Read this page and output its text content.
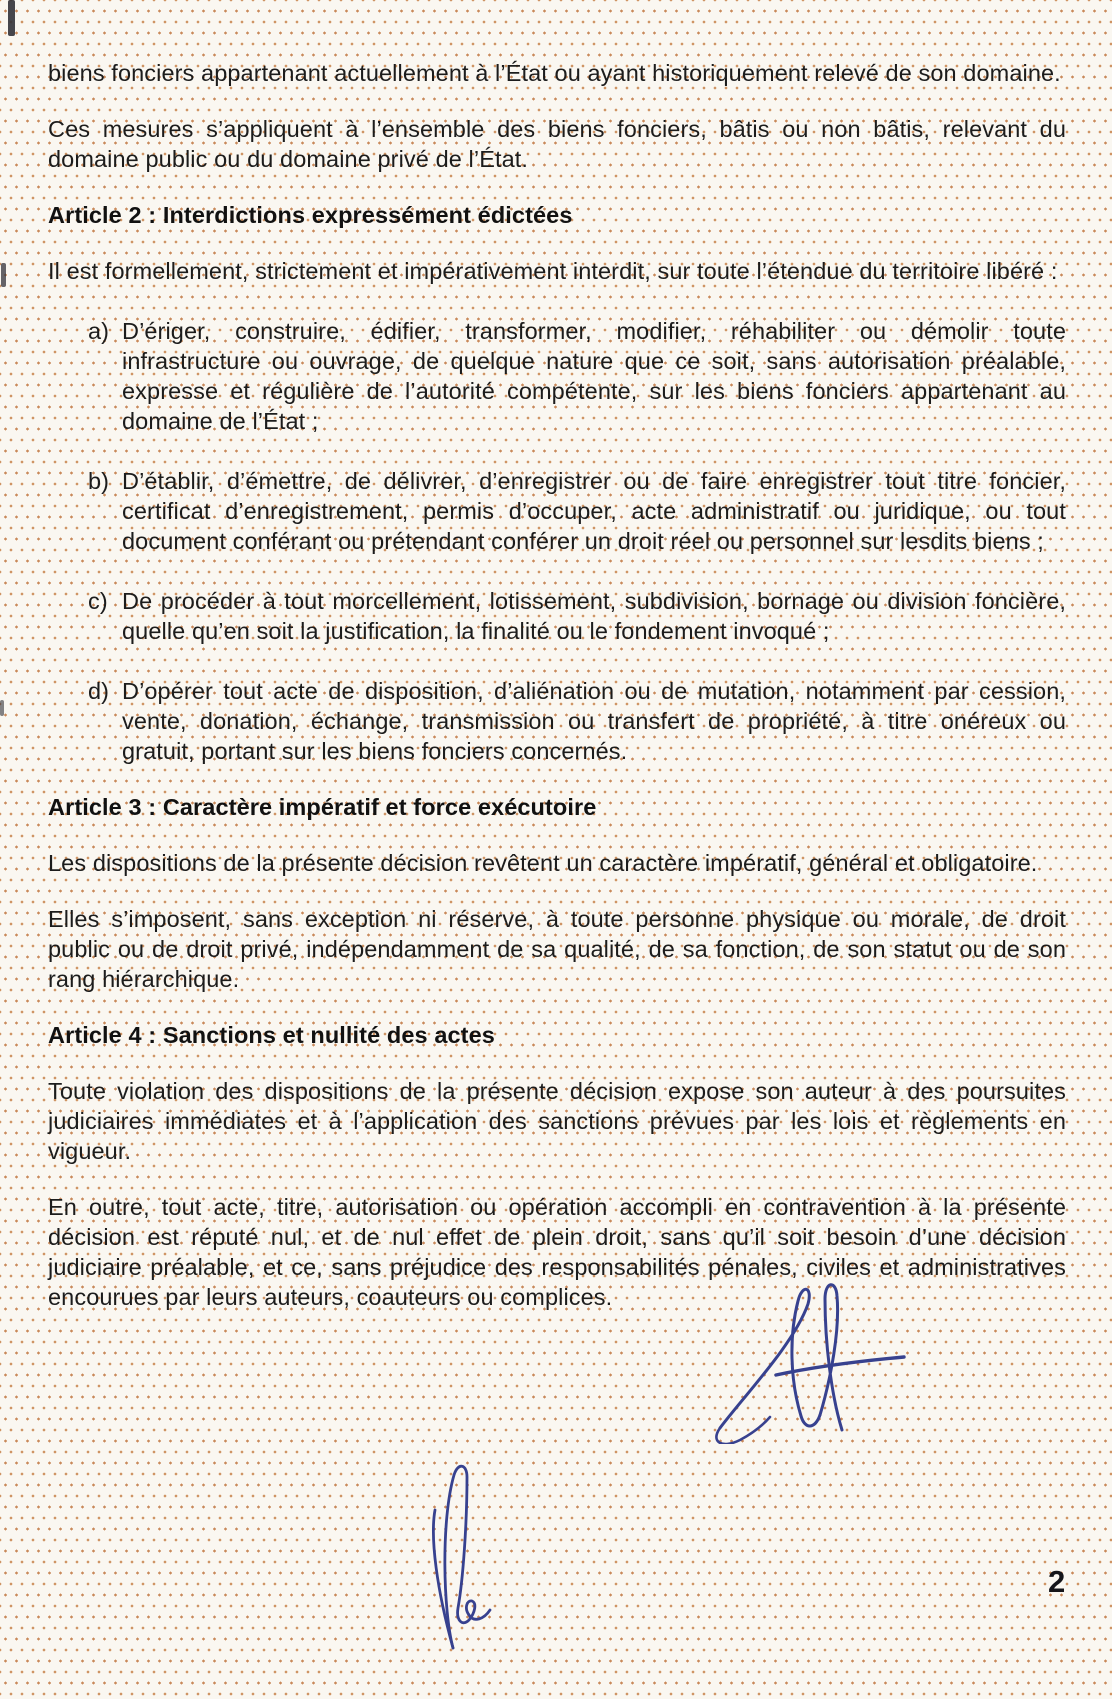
biens fonciers appartenant actuellement à l’État ou ayant historiquement relevé de son domaine.

Ces mesures s’appliquent à l’ensemble des biens fonciers, bâtis ou non bâtis, relevant du domaine public ou du domaine privé de l’État.

Article 2 : Interdictions expressément édictées

Il est formellement, strictement et impérativement interdit, sur toute l’étendue du territoire libéré :

a) D’ériger, construire, édifier, transformer, modifier, réhabiliter ou démolir toute infrastructure ou ouvrage, de quelque nature que ce soit, sans autorisation préalable, expresse et régulière de l’autorité compétente, sur les biens fonciers appartenant au domaine de l’État ;
b) D’établir, d’émettre, de délivrer, d’enregistrer ou de faire enregistrer tout titre foncier, certificat d’enregistrement, permis d’occuper, acte administratif ou juridique, ou tout document conférant ou prétendant conférer un droit réel ou personnel sur lesdits biens ;
c) De procéder à tout morcellement, lotissement, subdivision, bornage ou division foncière, quelle qu’en soit la justification, la finalité ou le fondement invoqué ;
d) D’opérer tout acte de disposition, d’aliénation ou de mutation, notamment par cession, vente, donation, échange, transmission ou transfert de propriété, à titre onéreux ou gratuit, portant sur les biens fonciers concernés.

Article 3 : Caractère impératif et force exécutoire

Les dispositions de la présente décision revêtent un caractère impératif, général et obligatoire.

Elles s’imposent, sans exception ni réserve, à toute personne physique ou morale, de droit public ou de droit privé, indépendamment de sa qualité, de sa fonction, de son statut ou de son rang hiérarchique.

Article 4 : Sanctions et nullité des actes

Toute violation des dispositions de la présente décision expose son auteur à des poursuites judiciaires immédiates et à l’application des sanctions prévues par les lois et règlements en vigueur.

En outre, tout acte, titre, autorisation ou opération accompli en contravention à la présente décision est réputé nul, et de nul effet de plein droit, sans qu’il soit besoin d’une décision judiciaire préalable, et ce, sans préjudice des responsabilités pénales, civiles et administratives encourues par leurs auteurs, coauteurs ou complices.

2
